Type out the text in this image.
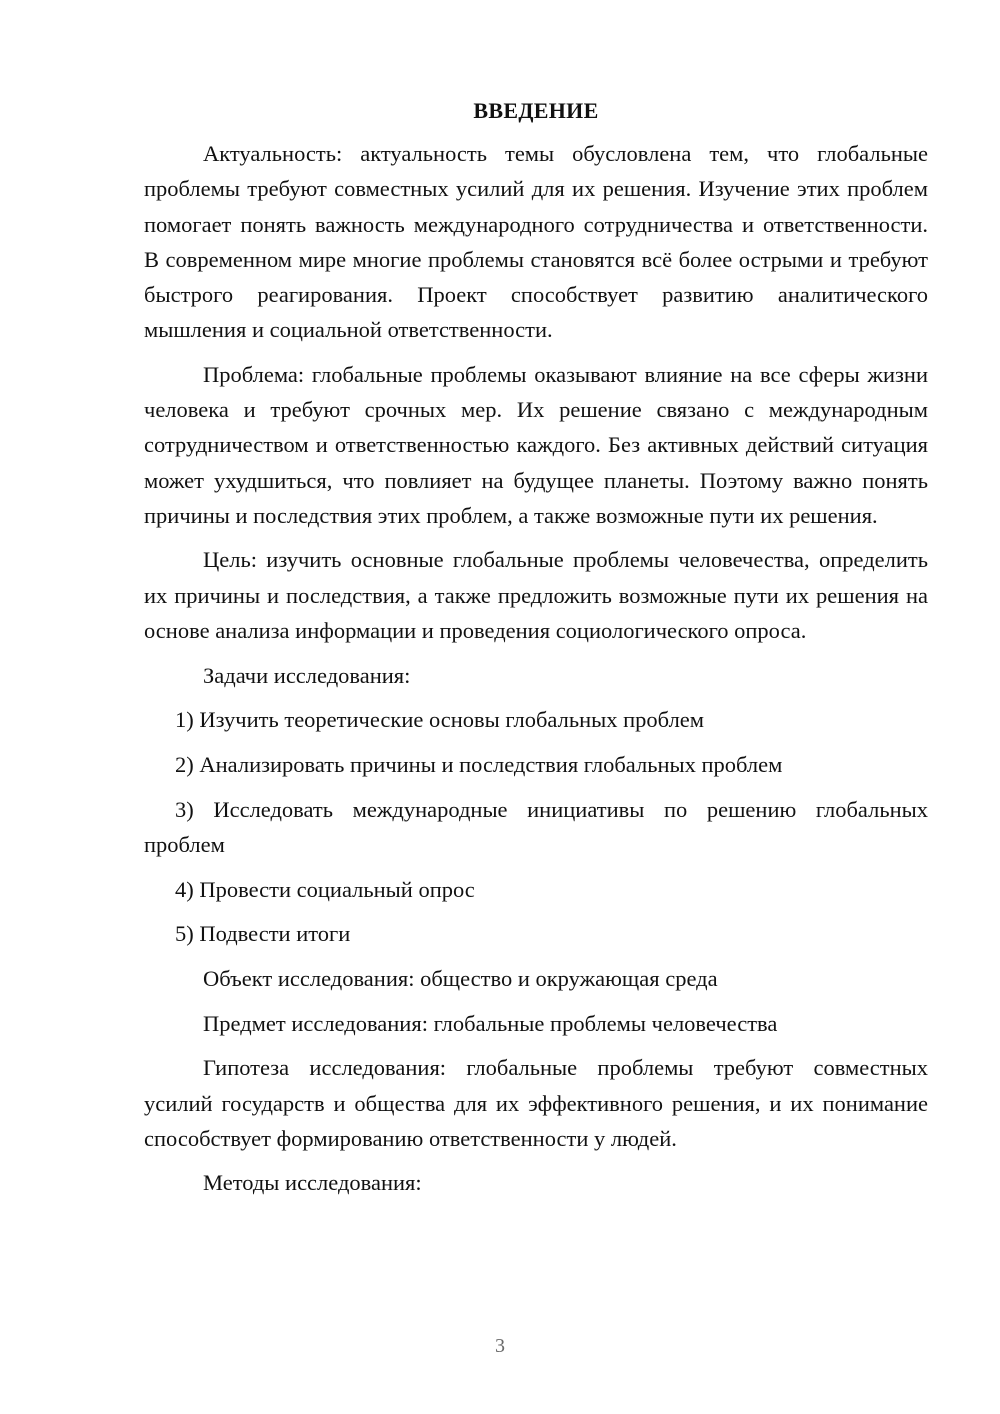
ВВЕДЕНИЕ

Актуальность: актуальность темы обусловлена тем, что глобальные проблемы требуют совместных усилий для их решения. Изучение этих проблем помогает понять важность международного сотрудничества и ответственности. В современном мире многие проблемы становятся всё более острыми и требуют быстрого реагирования. Проект способствует развитию аналитического мышления и социальной ответственности.

Проблема: глобальные проблемы оказывают влияние на все сферы жизни человека и требуют срочных мер. Их решение связано с международным сотрудничеством и ответственностью каждого. Без активных действий ситуация может ухудшиться, что повлияет на будущее планеты. Поэтому важно понять причины и последствия этих проблем, а также возможные пути их решения.

Цель: изучить основные глобальные проблемы человечества, определить их причины и последствия, а также предложить возможные пути их решения на основе анализа информации и проведения социологического опроса.

Задачи исследования:

1) Изучить теоретические основы глобальных проблем

2) Анализировать причины и последствия глобальных проблем

3) Исследовать международные инициативы по решению глобальных проблем

4) Провести социальный опрос

5) Подвести итоги

Объект исследования: общество и окружающая среда

Предмет исследования: глобальные проблемы человечества

Гипотеза исследования: глобальные проблемы требуют совместных усилий государств и общества для их эффективного решения, и их понимание способствует формированию ответственности у людей.

Методы исследования:

3
